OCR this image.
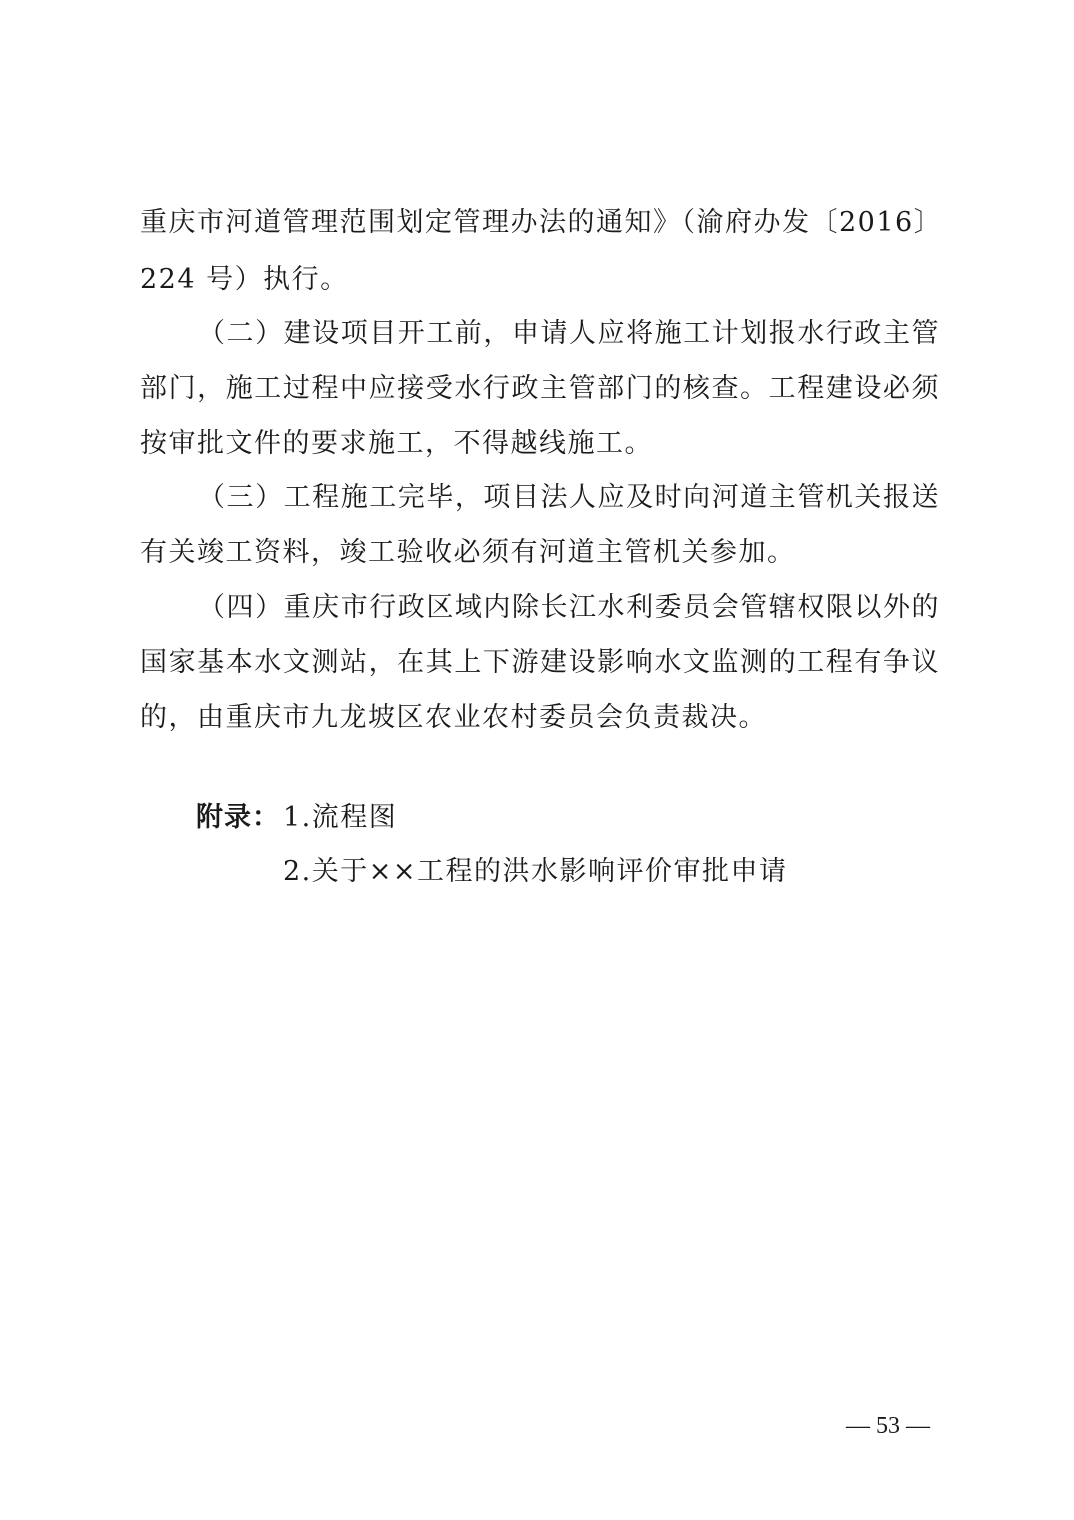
重庆市河道管理范围划定管理办法的通知》（渝府办发〔2016〕
224 号）执行。
（二）建设项目开工前，申请人应将施工计划报水行政主管
部门，施工过程中应接受水行政主管部门的核查。工程建设必须
按审批文件的要求施工，不得越线施工。
（三）工程施工完毕，项目法人应及时向河道主管机关报送
有关竣工资料，竣工验收必须有河道主管机关参加。
（四）重庆市行政区域内除长江水利委员会管辖权限以外的
国家基本水文测站，在其上下游建设影响水文监测的工程有争议
的，由重庆市九龙坡区农业农村委员会负责裁决。
附录： 1.流程图
2.关于××工程的洪水影响评价审批申请
— 53 —
